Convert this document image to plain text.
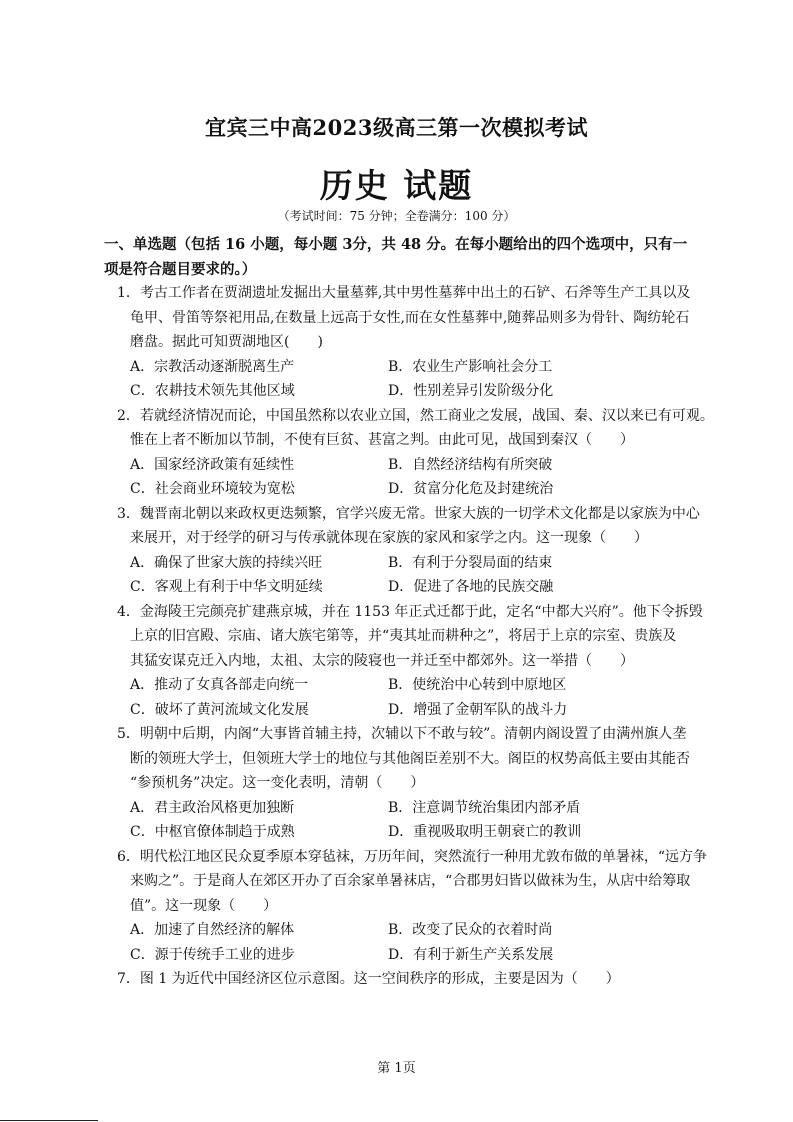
宜宾三中高2023级高三第一次模拟考试
历史 试题
（考试时间：75 分钟；全卷满分：100 分）
一、单选题（包括 16 小题，每小题 3分，共 48 分。在每小题给出的四个选项中，只有一项是符合题目要求的。）
1．考古工作者在贾湖遗址发掘出大量墓葬,其中男性墓葬中出土的石铲、石斧等生产工具以及
龟甲、骨笛等祭祀用品,在数量上远高于女性,而在女性墓葬中,随葬品则多为骨针、陶纺轮石
磨盘。据此可知贾湖地区(　　)
A．宗教活动逐渐脱离生产	B．农业生产影响社会分工
C．农耕技术领先其他区域	D．性别差异引发阶级分化
2．若就经济情况而论，中国虽然称以农业立国，然工商业之发展，战国、秦、汉以来已有可观。
惟在上者不断加以节制，不使有巨贫、甚富之判。由此可见，战国到秦汉（　　）
A．国家经济政策有延续性	B．自然经济结构有所突破
C．社会商业环境较为宽松	D．贫富分化危及封建统治
3．魏晋南北朝以来政权更迭频繁，官学兴废无常。世家大族的一切学术文化都是以家族为中心
来展开，对于经学的研习与传承就体现在家族的家风和家学之内。这一现象（　　）
A．确保了世家大族的持续兴旺	B．有利于分裂局面的结束
C．客观上有利于中华文明延续	D．促进了各地的民族交融
4．金海陵王完颜亮扩建燕京城，并在 1153 年正式迁都于此，定名“中都大兴府”。他下令拆毁
上京的旧宫殿、宗庙、诸大族宅第等，并“夷其址而耕种之”，将居于上京的宗室、贵族及
其猛安谋克迁入内地，太祖、太宗的陵寝也一并迁至中都郊外。这一举措（　　）
A．推动了女真各部走向统一	B．使统治中心转到中原地区
C．破坏了黄河流域文化发展	D．增强了金朝军队的战斗力
5．明朝中后期，内阁“大事皆首辅主持，次辅以下不敢与较”。清朝内阁设置了由满州旗人垄
断的领班大学士，但领班大学士的地位与其他阁臣差别不大。阁臣的权势高低主要由其能否
“参预机务”决定。这一变化表明，清朝（　　）
A．君主政治风格更加独断	B．注意调节统治集团内部矛盾
C．中枢官僚体制趋于成熟	D．重视吸取明王朝衰亡的教训
6．明代松江地区民众夏季原本穿毡袜，万历年间，突然流行一种用尤敦布做的单暑袜，“远方争
来购之”。于是商人在郊区开办了百余家单暑袜店，“合郡男妇皆以做袜为生，从店中给筹取
值”。这一现象（　　）
A．加速了自然经济的解体	B．改变了民众的衣着时尚
C．源于传统手工业的进步	D．有利于新生产关系发展
7．图 1 为近代中国经济区位示意图。这一空间秩序的形成，主要是因为（　　）
第 1页
